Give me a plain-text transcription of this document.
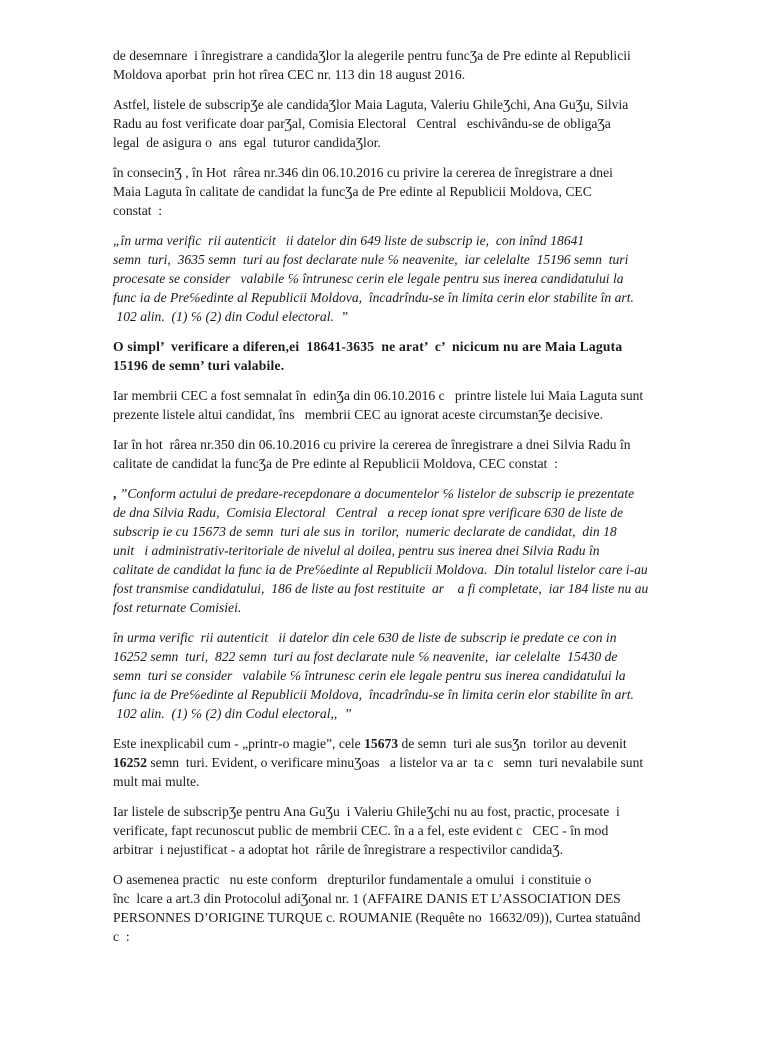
de desemnare  i înregistrare a candidaƷlor la alegerile pentru funcƷa de Pre edinte al Republicii
Moldova aporbat  prin hot rîrea CEC nr. 113 din 18 august 2016.
Astfel, listele de subscripƷe ale candidaƷlor Maia Laguta, Valeriu GhileƷchi, Ana GuƷu, Silvia
Radu au fost verificate doar parƷal, Comisia Electoral   Central   eschivându-se de obligaƷa
legal  de asigura o  ans  egal  tuturor candidaƷlor.
în consecinƷ , în Hot  rârea nr.346 din 06.10.2016 cu privire la cererea de înregistrare a dnei
Maia Laguta în calitate de candidat la funcƷa de Pre edinte al Republicii Moldova, CEC
constat  :
„în urma verific  rii autenticit   ii datelor din 649 liste de subscrip ie,  con inînd 18641
semn  turi,  3635 semn  turi au fost declarate nule ℅ neavenite,  iar celelalte  15196 semn  turi
procesate se consider   valabile ℅ întrunesc cerin ele legale pentru sus inerea candidatului la
func ia de Pre℅edinte al Republicii Moldova,  încadrîndu-se în limita cerin elor stabilite în art.
102 alin.  (1) ℅ (2) din Codul electoral.  ”
O simpl’  verificare a diferen,ei  18641-3635  ne arat’  c’  nicicum nu are Maia Laguta
15196 de semn’ turi valabile.
Iar membrii CEC a fost semnalat în  edinƷa din 06.10.2016 c   printre listele lui Maia Laguta sunt
prezente listele altui candidat, îns   membrii CEC au ignorat aceste circumstanƷe decisive.
Iar în hot  rârea nr.350 din 06.10.2016 cu privire la cererea de înregistrare a dnei Silvia Radu în
calitate de candidat la funcƷa de Pre edinte al Republicii Moldova, CEC constat  :
, ”Conform actului de predare-recepdonare a documentelor ℅ listelor de subscrip ie prezentate
de dna Silvia Radu,  Comisia Electoral   Central   a recep ionat spre verificare 630 de liste de
subscrip ie cu 15673 de semn  turi ale sus in  torilor,  numeric declarate de candidat,  din 18
unit   i administrativ-teritoriale de nivelul al doilea, pentru sus inerea dnei Silvia Radu în
calitate de candidat la func ia de Pre℅edinte al Republicii Moldova.  Din totalul listelor care i-au
fost transmise candidatului,  186 de liste au fost restituite  ar    a fi completate,  iar 184 liste nu au
fost returnate Comisiei.
în urma verific  rii autenticit   ii datelor din cele 630 de liste de subscrip ie predate ce con in
16252 semn  turi,  822 semn  turi au fost declarate nule ℅ neavenite,  iar celelalte  15430 de
semn  turi se consider   valabile ℅ întrunesc cerin ele legale pentru sus inerea candidatului la
func ia de Pre℅edinte al Republicii Moldova,  încadrîndu-se în limita cerin elor stabilite în art.
102 alin.  (1) ℅ (2) din Codul electoral,,  ”
Este inexplicabil cum - „printr-o magie”, cele 15673 de semn  turi ale susƷn  torilor au devenit
16252 semn  turi. Evident, o verificare minuƷoas   a listelor va ar  ta c   semn  turi nevalabile sunt
mult mai multe.
Iar listele de subscripƷe pentru Ana GuƷu  i Valeriu GhileƷchi nu au fost, practic, procesate  i
verificate, fapt recunoscut public de membrii CEC. în a a fel, este evident c   CEC - în mod
arbitrar  i nejustificat - a adoptat hot  rârile de înregistrare a respectivilor candidaƷ.
O asemenea practic   nu este conform   drepturilor fundamentale a omului  i constituie o
înc  lcare a art.3 din Protocolul adiƷonal nr. 1 (AFFAIRE DANIS ET L’ASSOCIATION DES
PERSONNES D’ORIGINE TURQUE c. ROUMANIE (Requête no  16632/09)), Curtea statuând
c  :
